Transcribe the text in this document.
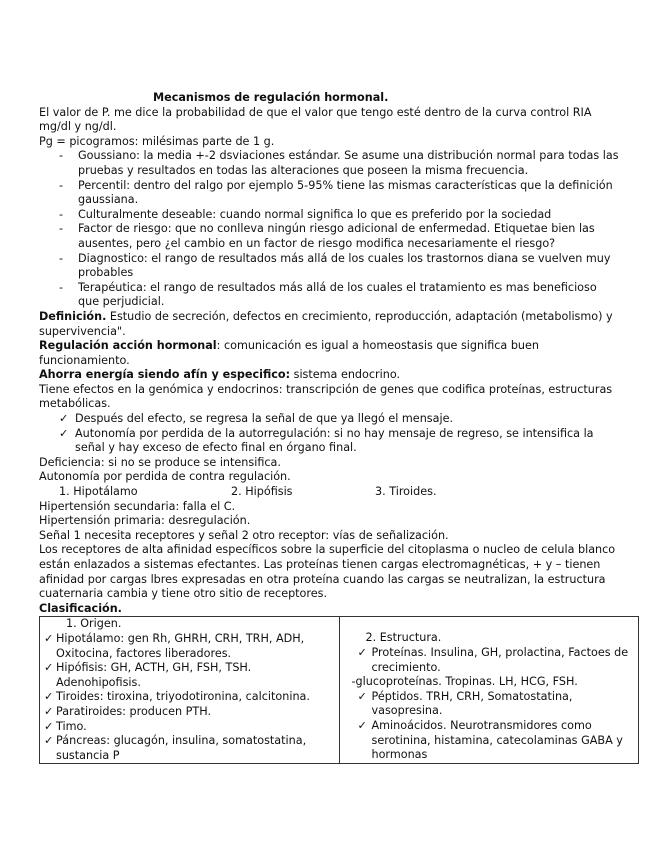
Mecanismos de regulación hormonal.

El valor de P. me dice la probabilidad de que el valor que tengo esté dentro de la curva control RIA mg/dl y ng/dl.

Pg = picogramos: milésimas parte de 1 g.

- Goussiano: la media +-2 dsviaciones estándar. Se asume una distribución normal para todas las pruebas y resultados en todas las alteraciones que poseen la misma frecuencia.
- Percentil: dentro del ralgo por ejemplo 5-95% tiene las mismas características que la definición gaussiana.
- Culturalmente deseable: cuando normal significa lo que es preferido por la sociedad
- Factor de riesgo: que no conlleva ningún riesgo adicional de enfermedad. Etiquetae bien las ausentes, pero ¿el cambio en un factor de riesgo modifica necesariamente el riesgo?
- Diagnostico: el rango de resultados más allá de los cuales los trastornos diana se vuelven muy probables
- Terapéutica: el rango de resultados más allá de los cuales el tratamiento es mas beneficioso que perjudicial.

Definición. Estudio de secreción, defectos en crecimiento, reproducción, adaptación (metabolismo) y supervivencia".

Regulación acción hormonal: comunicación es igual a homeostasis que significa buen funcionamiento.

Ahorra energía siendo afín y especifico: sistema endocrino.

Tiene efectos en la genómica y endocrinos: transcripción de genes que codifica proteínas, estructuras metabólicas.

✓ Después del efecto, se regresa la señal de que ya llegó el mensaje.
✓ Autonomía por perdida de la autorregulación: si no hay mensaje de regreso, se intensifica la señal y hay exceso de efecto final en órgano final.

Deficiencia: si no se produce se intensifica.

Autonomía por perdida de contra regulación.

1. Hipotálamo	2. Hipófisis	3. Tiroides.

Hipertensión secundaria: falla el C.

Hipertensión primaria: desregulación.

Señal 1 necesita receptores y señal 2 otro receptor: vías de señalización.

Los receptores de alta afinidad específicos sobre la superficie del citoplasma o nucleo de celula blanco están enlazados a sistemas efectantes. Las proteínas tienen cargas electromagnéticas, + y – tienen afinidad por cargas lbres expresadas en otra proteína cuando las cargas se neutralizan, la estructura cuaternaria cambia y tiene otro sitio de receptores.

Clasificación.
1. Origen.
✓ Hipotálamo: gen Rh, GHRH, CRH, TRH, ADH, Oxitocina, factores liberadores.
✓ Hipófisis: GH, ACTH, GH, FSH, TSH. Adenohipofisis.
✓ Tiroides: tiroxina, triyodotironina, calcitonina.
✓ Paratiroides: producen PTH.
✓ Timo.
✓ Páncreas: glucagón, insulina, somatostatina, sustancia P

2. Estructura.
✓ Proteínas. Insulina, GH, prolactina, Factoes de crecimiento.
-glucoproteínas. Tropinas. LH, HCG, FSH.
✓ Péptidos. TRH, CRH, Somatostatina, vasopresina.
✓ Aminoácidos. Neurotransmidores como serotinina, histamina, catecolaminas GABA y hormonas
